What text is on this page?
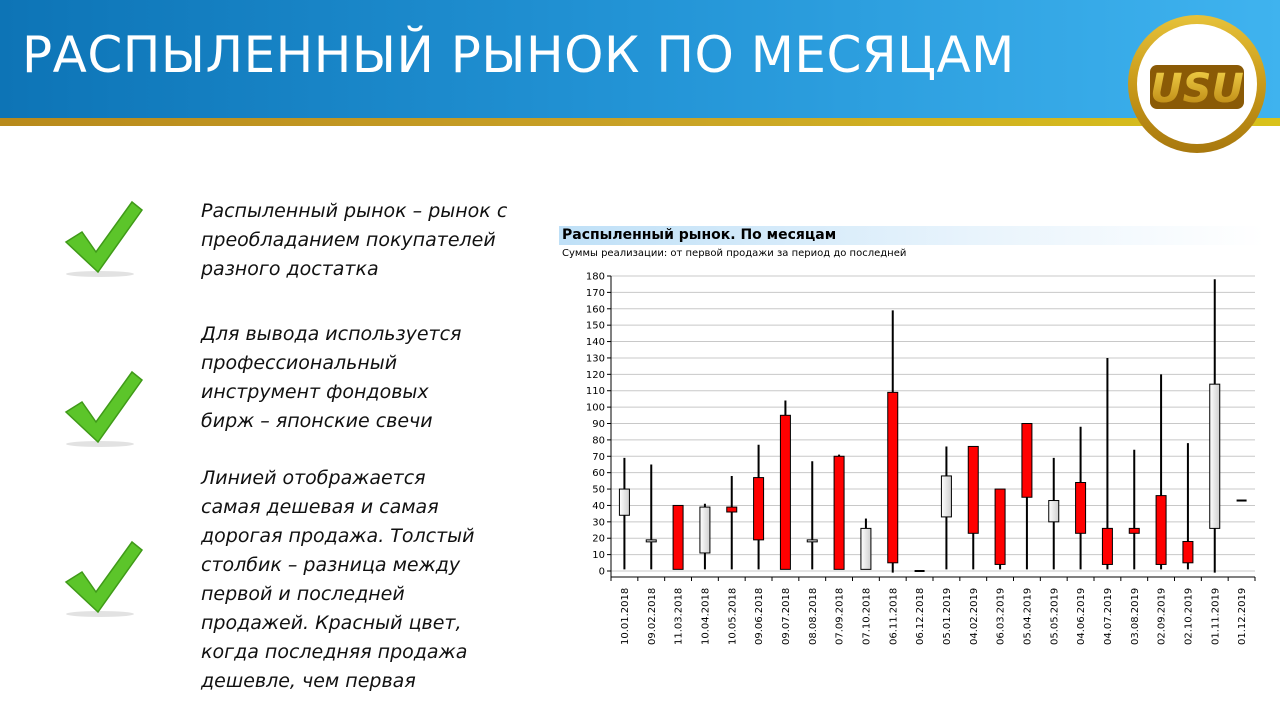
РАСПЫЛЕННЫЙ РЫНОК ПО МЕСЯЦАМ
USU
Распыленный рынок – рынок с
преобладанием покупателей
разного достатка
Для вывода используется
профессиональный
инструмент фондовых
бирж – японские свечи
Линией отображается
самая дешевая и самая
дорогая продажа. Толстый
столбик – разница между
первой и последней
продажей. Красный цвет,
когда последняя продажа
дешевле, чем первая
Распыленный рынок. По месяцам
Суммы реализации: от первой продажи за период до последней
0
10
20
30
40
50
60
70
80
90
100
110
120
130
140
150
160
170
180
10.01.2018 09.02.2018 11.03.2018 10.04.2018 10.05.2018 09.06.2018 09.07.2018 08.08.2018 07.09.2018 07.10.2018 06.11.2018 06.12.2018 05.01.2019 04.02.2019 06.03.2019 05.04.2019 05.05.2019 04.06.2019 04.07.2019 03.08.2019 02.09.2019 02.10.2019 01.11.2019 01.12.2019
